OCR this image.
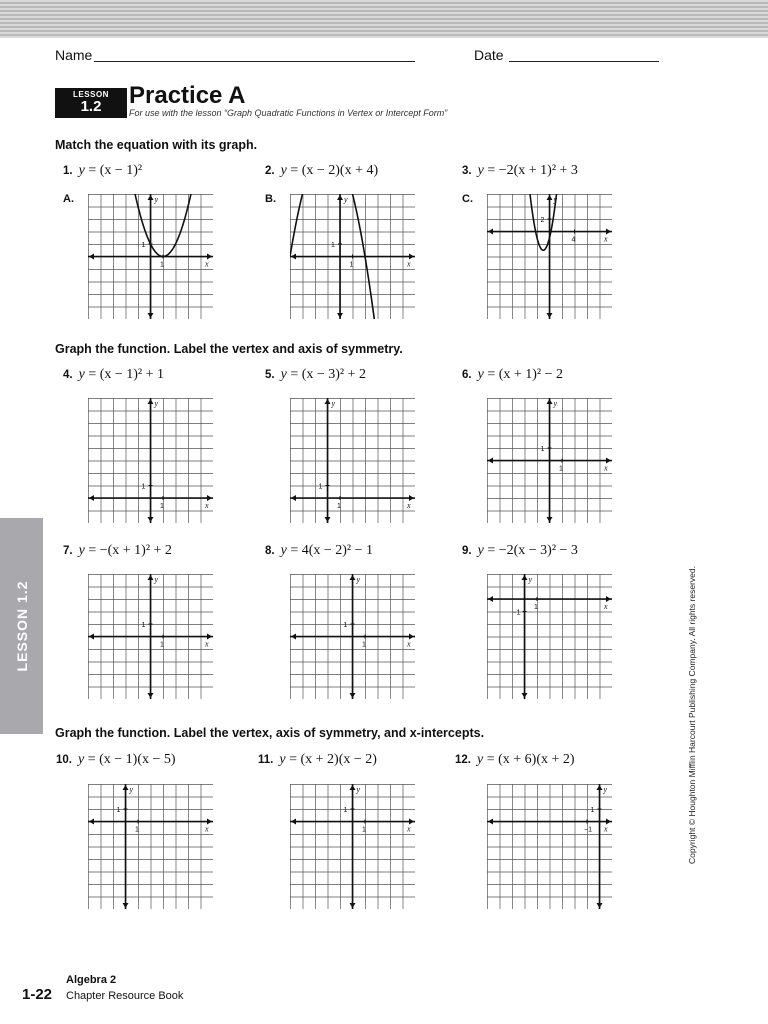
Name	Date
LESSON
1.2	Practice A
For use with the lesson “Graph Quadratic Functions in Vertex or Intercept Form”
Match the equation with its graph.
Graph the function. Label the vertex and axis of symmetry.
Graph the function. Label the vertex, axis of symmetry, and x-intercepts.
1. y = (x − 1)²	2. y = (x − 2)(x + 4)	3. y = −2(x + 1)² + 3
4. y = (x − 1)² + 1	5. y = (x − 3)² + 2	6. y = (x + 1)² − 2
7. y = −(x + 1)² + 2	8. y = 4(x − 2)² − 1	9. y = −2(x − 3)² − 3
10. y = (x − 1)(x − 5)	11. y = (x + 2)(x − 2)	12. y = (x + 6)(x + 2)
A.	B.	C.
x
y
1
1
x
y
1
1
x
y
4
2
x
y
1
1
x
y
1
1
x
y
1
1
x
y
1
1
x
y
1
1
x
y
1
−1
x
y
1
1
x
y
1
1
x
y
−1
1
LESSON 1.2	Copyright © Houghton Mifflin Harcourt Publishing Company. All rights reserved.
1-22
Algebra 2
Chapter Resource Book
